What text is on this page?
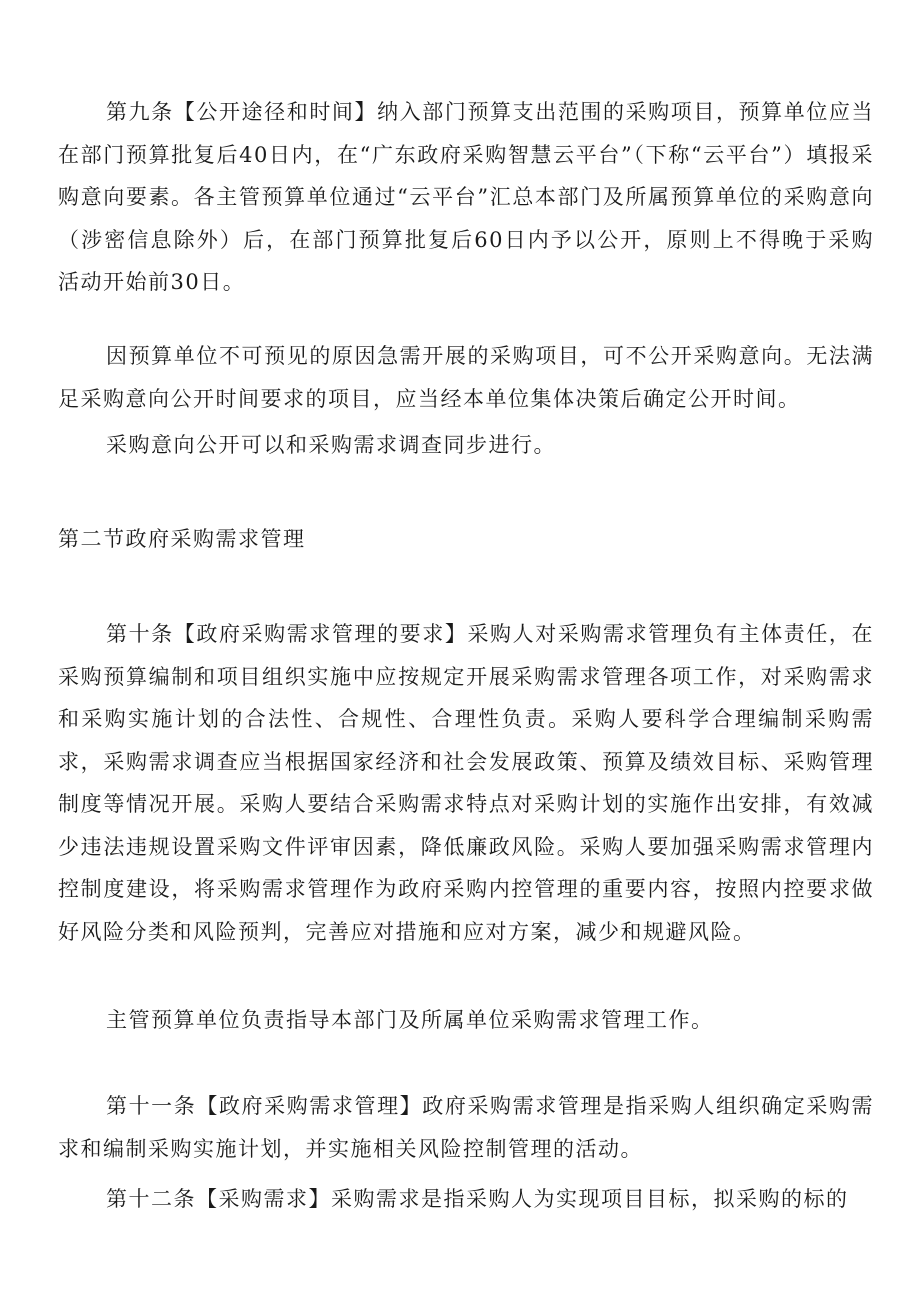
第九条【公开途径和时间】纳入部门预算支出范围的采购项目，预算单位应当在部门预算批复后40日内，在“广东政府采购智慧云平台”（下称“云平台”）填报采购意向要素。各主管预算单位通过“云平台”汇总本部门及所属预算单位的采购意向（涉密信息除外）后，在部门预算批复后60日内予以公开，原则上不得晚于采购活动开始前30日。

因预算单位不可预见的原因急需开展的采购项目，可不公开采购意向。无法满足采购意向公开时间要求的项目，应当经本单位集体决策后确定公开时间。

采购意向公开可以和采购需求调查同步进行。

第二节政府采购需求管理

第十条【政府采购需求管理的要求】采购人对采购需求管理负有主体责任，在采购预算编制和项目组织实施中应按规定开展采购需求管理各项工作，对采购需求和采购实施计划的合法性、合规性、合理性负责。采购人要科学合理编制采购需求，采购需求调查应当根据国家经济和社会发展政策、预算及绩效目标、采购管理制度等情况开展。采购人要结合采购需求特点对采购计划的实施作出安排，有效减少违法违规设置采购文件评审因素，降低廉政风险。采购人要加强采购需求管理内控制度建设，将采购需求管理作为政府采购内控管理的重要内容，按照内控要求做好风险分类和风险预判，完善应对措施和应对方案，减少和规避风险。

主管预算单位负责指导本部门及所属单位采购需求管理工作。

第十一条【政府采购需求管理】政府采购需求管理是指采购人组织确定采购需求和编制采购实施计划，并实施相关风险控制管理的活动。

第十二条【采购需求】采购需求是指采购人为实现项目目标，拟采购的标的
